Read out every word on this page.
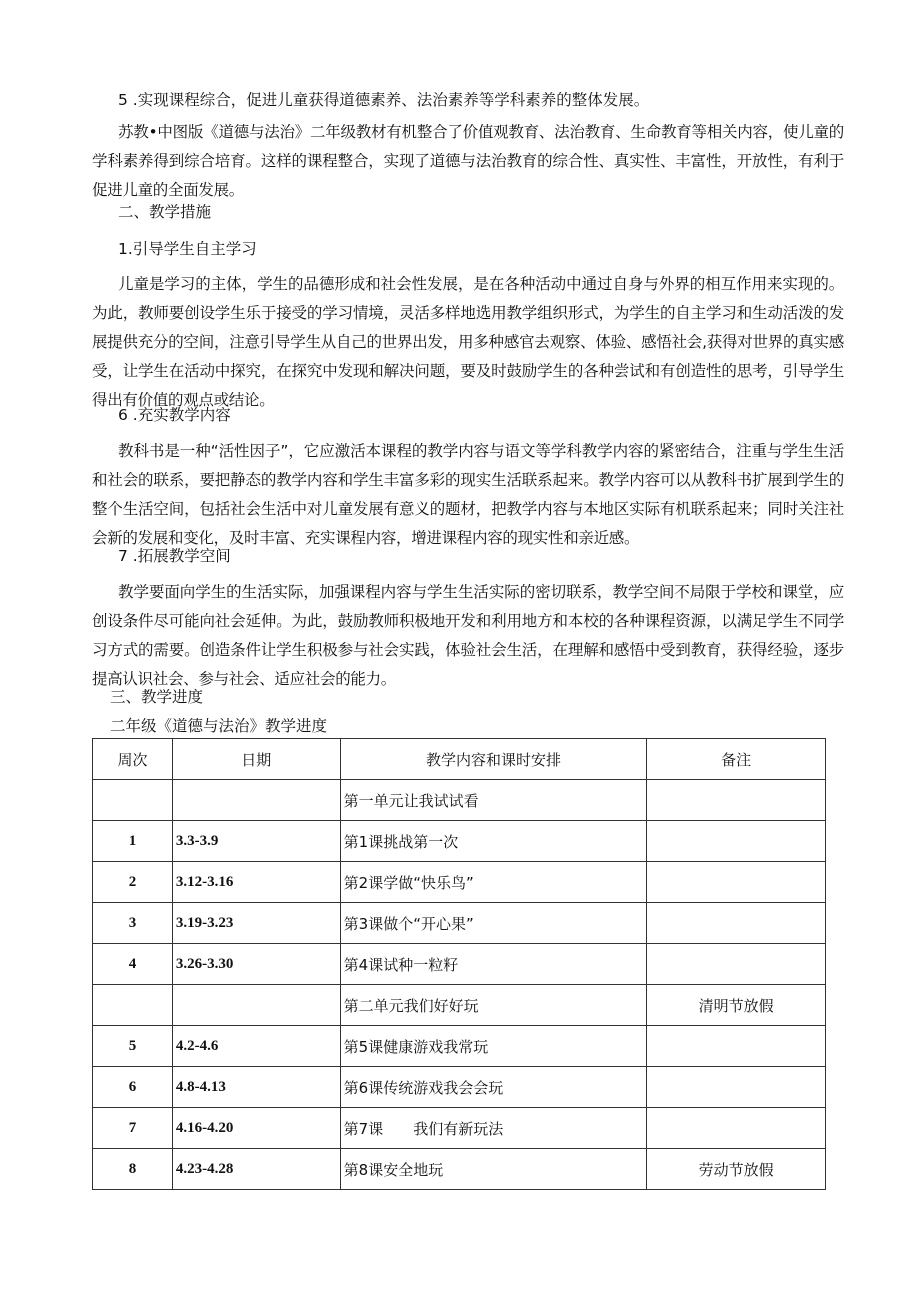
5 .实现课程综合，促进儿童获得道德素养、法治素养等学科素养的整体发展。
苏教•中图版《道德与法治》二年级教材有机整合了价值观教育、法治教育、生命教育等相关内容，使儿童的学科素养得到综合培育。这样的课程整合，实现了道德与法治教育的综合性、真实性、丰富性，开放性，有利于促进儿童的全面发展。
二、教学措施
1.引导学生自主学习
儿童是学习的主体，学生的品德形成和社会性发展，是在各种活动中通过自身与外界的相互作用来实现的。为此，教师要创设学生乐于接受的学习情境，灵活多样地选用教学组织形式，为学生的自主学习和生动活泼的发展提供充分的空间，注意引导学生从自己的世界出发，用多种感官去观察、体验、感悟社会,获得对世界的真实感受，让学生在活动中探究，在探究中发现和解决问题，要及时鼓励学生的各种尝试和有创造性的思考，引导学生得出有价值的观点或结论。
6 .充实教学内容
教科书是一种“活性因子”，它应激活本课程的教学内容与语文等学科教学内容的紧密结合，注重与学生生活和社会的联系，要把静态的教学内容和学生丰富多彩的现实生活联系起来。教学内容可以从教科书扩展到学生的整个生活空间，包括社会生活中对儿童发展有意义的题材，把教学内容与本地区实际有机联系起来；同时关注社会新的发展和变化，及时丰富、充实课程内容，增进课程内容的现实性和亲近感。
7 .拓展教学空间
教学要面向学生的生活实际，加强课程内容与学生生活实际的密切联系，教学空间不局限于学校和课堂，应创设条件尽可能向社会延伸。为此，鼓励教师积极地开发和利用地方和本校的各种课程资源，以满足学生不同学习方式的需要。创造条件让学生积极参与社会实践，体验社会生活，在理解和感悟中受到教育，获得经验，逐步提高认识社会、参与社会、适应社会的能力。
三、教学进度
二年级《道德与法治》教学进度
周次	日期	教学内容和课时安排	备注
		第一单元让我试试看	
1	3.3-3.9	第1课挑战第一次	
2	3.12-3.16	第2课学做“快乐鸟”	
3	3.19-3.23	第3课做个“开心果”	
4	3.26-3.30	第4课试种一粒籽	
		第二单元我们好好玩	清明节放假
5	4.2-4.6	第5课健康游戏我常玩	
6	4.8-4.13	第6课传统游戏我会会玩	
7	4.16-4.20	第7课　　我们有新玩法	
8	4.23-4.28	第8课安全地玩	劳动节放假
